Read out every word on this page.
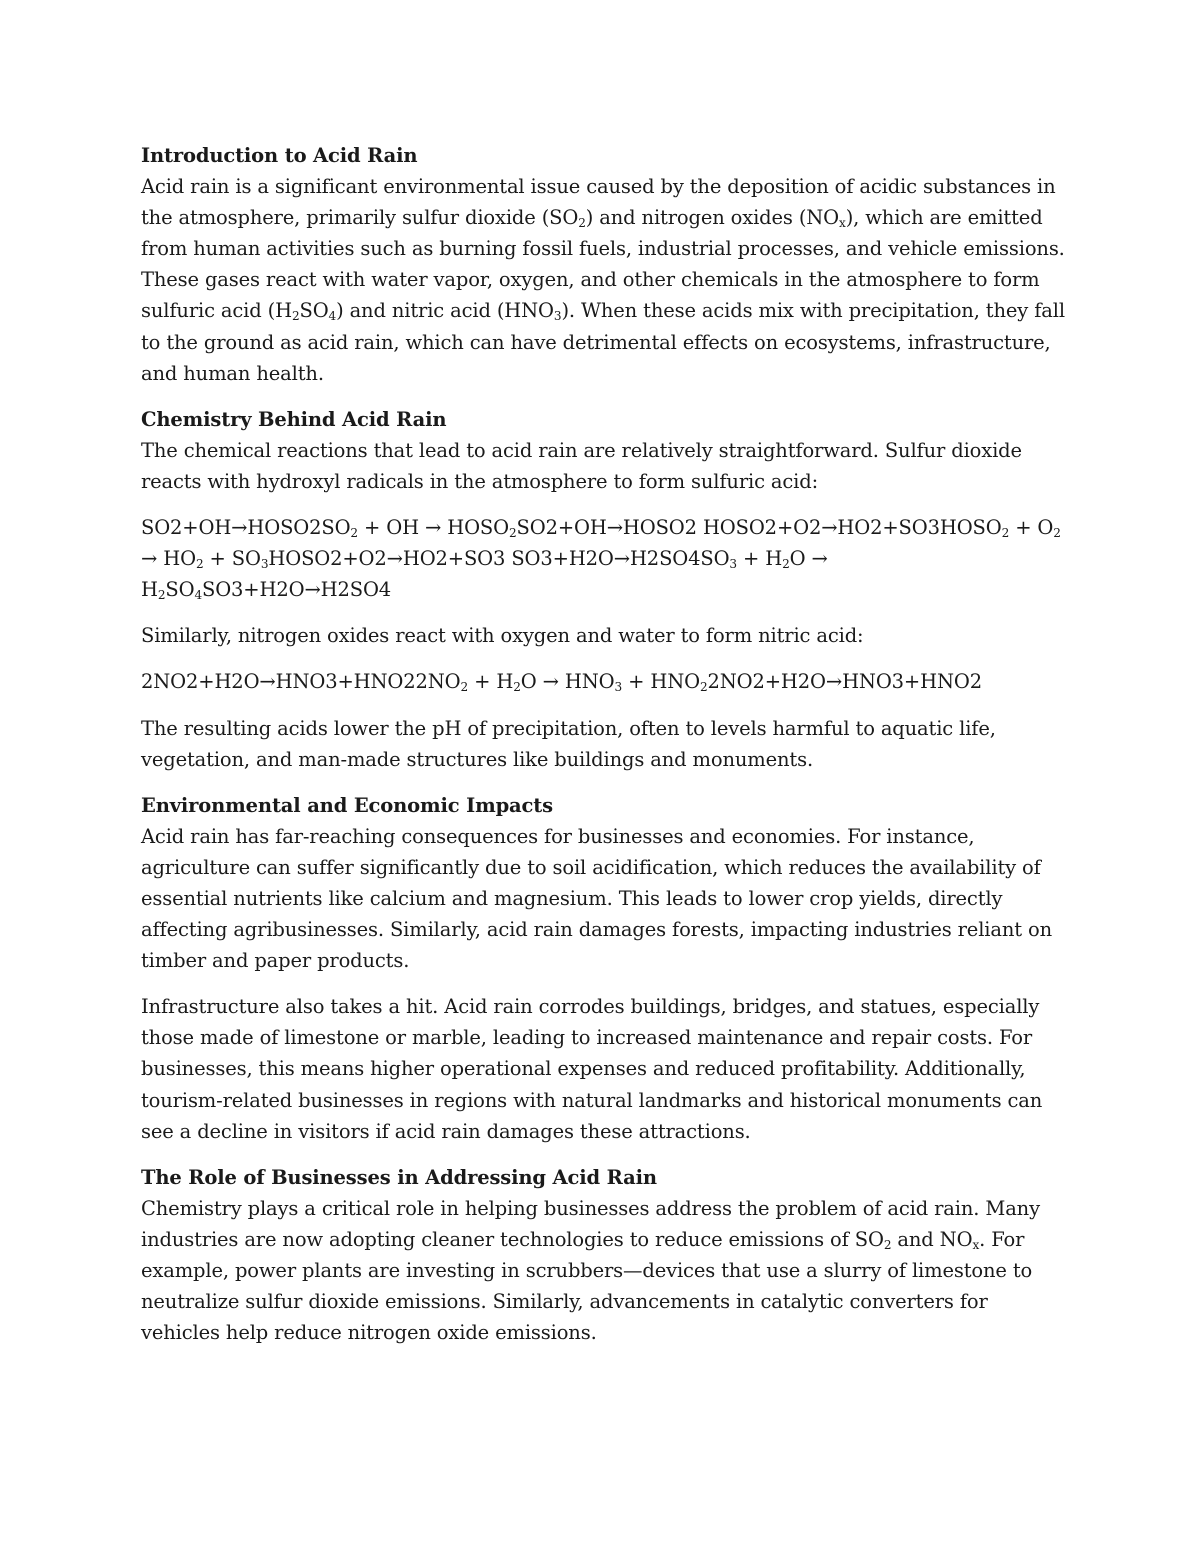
Introduction to Acid Rain
Acid rain is a significant environmental issue caused by the deposition of acidic substances in the atmosphere, primarily sulfur dioxide $(SO_2)$ and nitrogen oxides $(NO_x)$, which are emitted from human activities such as burning fossil fuels, industrial processes, and vehicle emissions. These gases react with water vapor, oxygen, and other chemicals in the atmosphere to form sulfuric acid $(H_2SO_4)$ and nitric acid $(HNO_3)$. When these acids mix with precipitation, they fall to the ground as acid rain, which can have detrimental effects on ecosystems, infrastructure, and human health.

Chemistry Behind Acid Rain
The chemical reactions that lead to acid rain are relatively straightforward. Sulfur dioxide reacts with hydroxyl radicals in the atmosphere to form sulfuric acid:

$SO2+OH\to HOSO2SO_2$ + OH → $HOSO_2SO2+OH\to HOSO2$ $HOSO2+O2\to HO2+SO3HOSO_2 + O_2 \to HO_2$ + $SO_3HOSO2+O2\to HO2+SO3$ $SO3+H2O\to H2SO4SO_3 + H_2O \to H_2SO_4SO3+H2O\to H2SO4$

Similarly, nitrogen oxides react with oxygen and water to form nitric acid:

$2NO2+H2O\to HNO3+HNO22NO_2 + H_2O \to HNO_3 + HNO_22NO2+H2O\to HNO3+HNO2$

The resulting acids lower the pH of precipitation, often to levels harmful to aquatic life, vegetation, and man-made structures like buildings and monuments.

Environmental and Economic Impacts
Acid rain has far-reaching consequences for businesses and economies. For instance, agriculture can suffer significantly due to soil acidification, which reduces the availability of essential nutrients like calcium and magnesium. This leads to lower crop yields, directly affecting agribusinesses. Similarly, acid rain damages forests, impacting industries reliant on timber and paper products.

Infrastructure also takes a hit. Acid rain corrodes buildings, bridges, and statues, especially those made of limestone or marble, leading to increased maintenance and repair costs. For businesses, this means higher operational expenses and reduced profitability. Additionally, tourism-related businesses in regions with natural landmarks and historical monuments can see a decline in visitors if acid rain damages these attractions.

The Role of Businesses in Addressing Acid Rain
Chemistry plays a critical role in helping businesses address the problem of acid rain. Many industries are now adopting cleaner technologies to reduce emissions of $SO_2$ and $NO_x$. For example, power plants are investing in scrubbers—devices that use a slurry of limestone to neutralize sulfur dioxide emissions. Similarly, advancements in catalytic converters for vehicles help reduce nitrogen oxide emissions.
